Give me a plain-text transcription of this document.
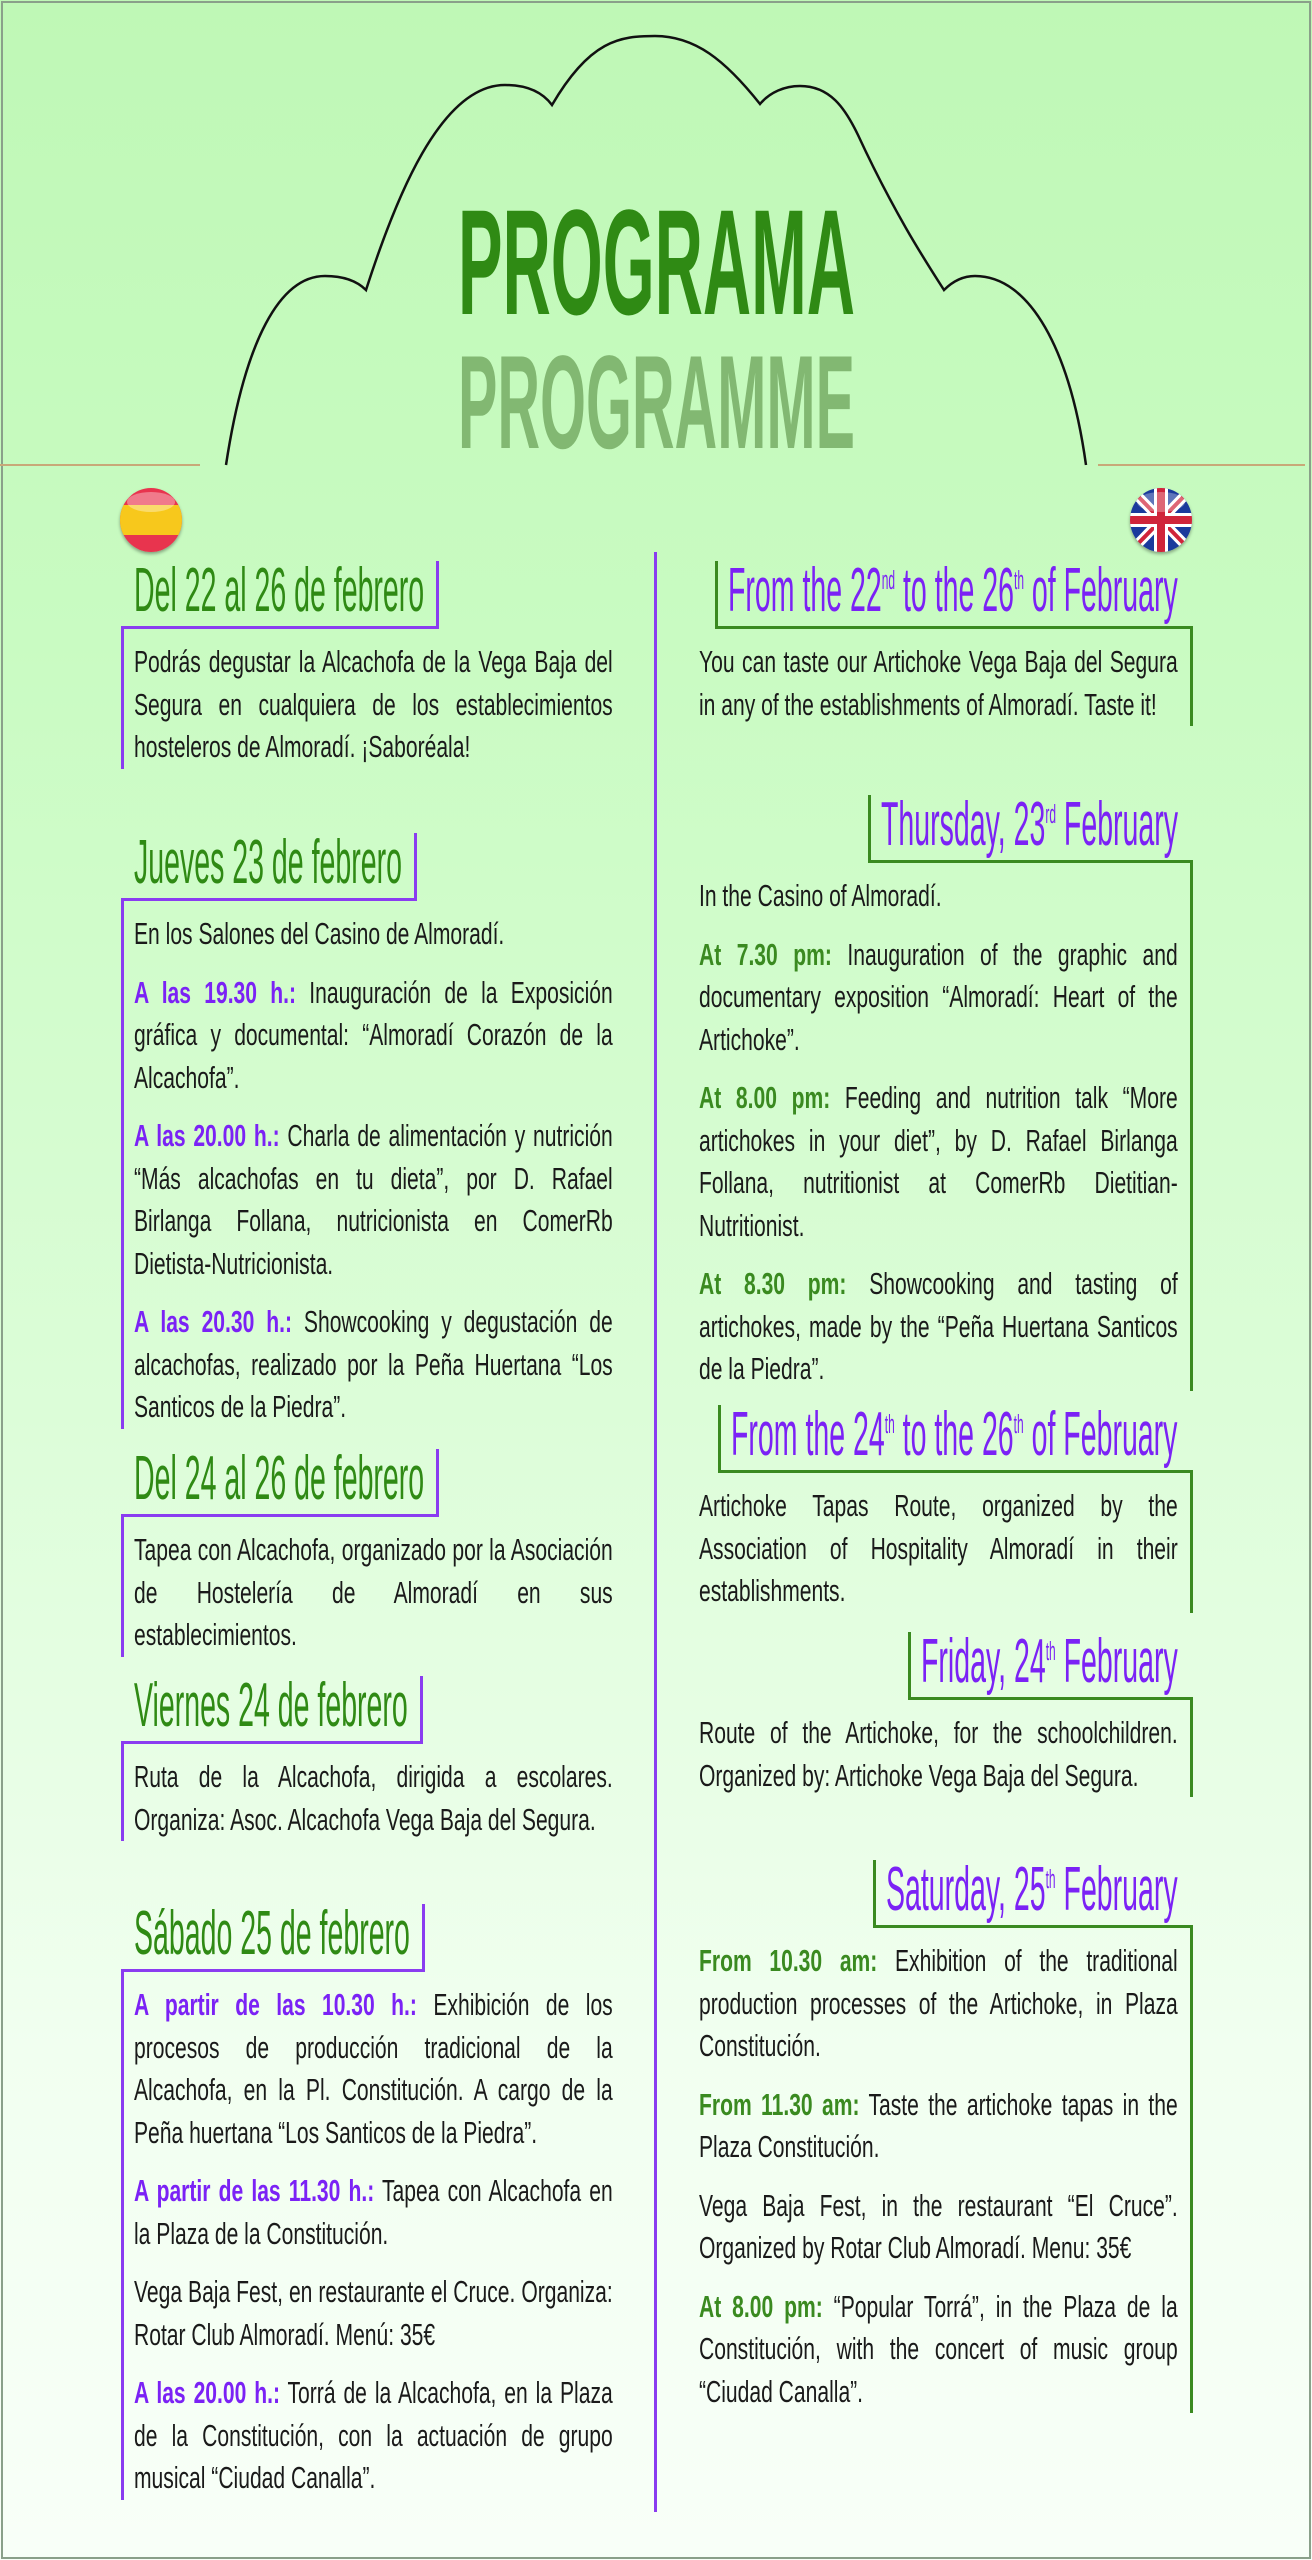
PROGRAMA
PROGRAMME
Del 22 al 26 de febrero

Podrás degustar la Alcachofa de la Vega Baja del Segura en cualquiera de los establecimientos hosteleros de Almoradí. ¡Saboréala!

Jueves 23 de febrero

En los Salones del Casino de Almoradí.

A las 19.30 h.: Inauguración de la Exposición gráfica y documental: “Almoradí Corazón de la Alcachofa”.

A las 20.00 h.: Charla de alimentación y nutrición “Más alcachofas en tu dieta”, por D. Rafael Birlanga Follana, nutricionista en ComerRb Dietista-Nutricionista.

A las 20.30 h.: Showcooking y degustación de alcachofas, realizado por la Peña Huertana “Los Santicos de la Piedra”.

Del 24 al 26 de febrero

Tapea con Alcachofa, organizado por la Asociación de Hostelería de Almoradí en sus establecimientos.

Viernes 24 de febrero

Ruta de la Alcachofa, dirigida a escolares. Organiza: Asoc. Alcachofa Vega Baja del Segura.

Sábado 25 de febrero

A partir de las 10.30 h.: Exhibición de los procesos de producción tradicional de la Alcachofa, en la Pl. Constitución. A cargo de la Peña huertana “Los Santicos de la Piedra”.

A partir de las 11.30 h.: Tapea con Alcachofa en la Plaza de la Constitución.

Vega Baja Fest, en restaurante el Cruce. Organiza: Rotar Club Almoradí. Menú: 35€

A las 20.00 h.: Torrá de la Alcachofa, en la Plaza de la Constitución, con la actuación de grupo musical “Ciudad Canalla”.

From the 22nd to the 26th of February

You can taste our Artichoke Vega Baja del Segura in any of the establishments of Almoradí. Taste it!

Thursday, 23rd February

In the Casino of Almoradí.

At 7.30 pm: Inauguration of the graphic and documentary exposition “Almoradí: Heart of the Artichoke”.

At 8.00 pm: Feeding and nutrition talk “More artichokes in your diet”, by D. Rafael Birlanga Follana, nutritionist at ComerRb Dietitian-Nutritionist.

At 8.30 pm: Showcooking and tasting of artichokes, made by the “Peña Huertana Santicos de la Piedra”.

From the 24th to the 26th of February

Artichoke Tapas Route, organized by the Association of Hospitality Almoradí in their establishments.

Friday, 24th February

Route of the Artichoke, for the schoolchildren. Organized by: Artichoke Vega Baja del Segura.

Saturday, 25th February

From 10.30 am: Exhibition of the traditional production processes of the Artichoke, in Plaza Constitución.

From 11.30 am: Taste the artichoke tapas in the Plaza Constitución.

Vega Baja Fest, in the restaurant “El Cruce”. Organized by Rotar Club Almoradí. Menu: 35€

At 8.00 pm: “Popular Torrá”, in the Plaza de la Constitución, with the concert of music group “Ciudad Canalla”.
